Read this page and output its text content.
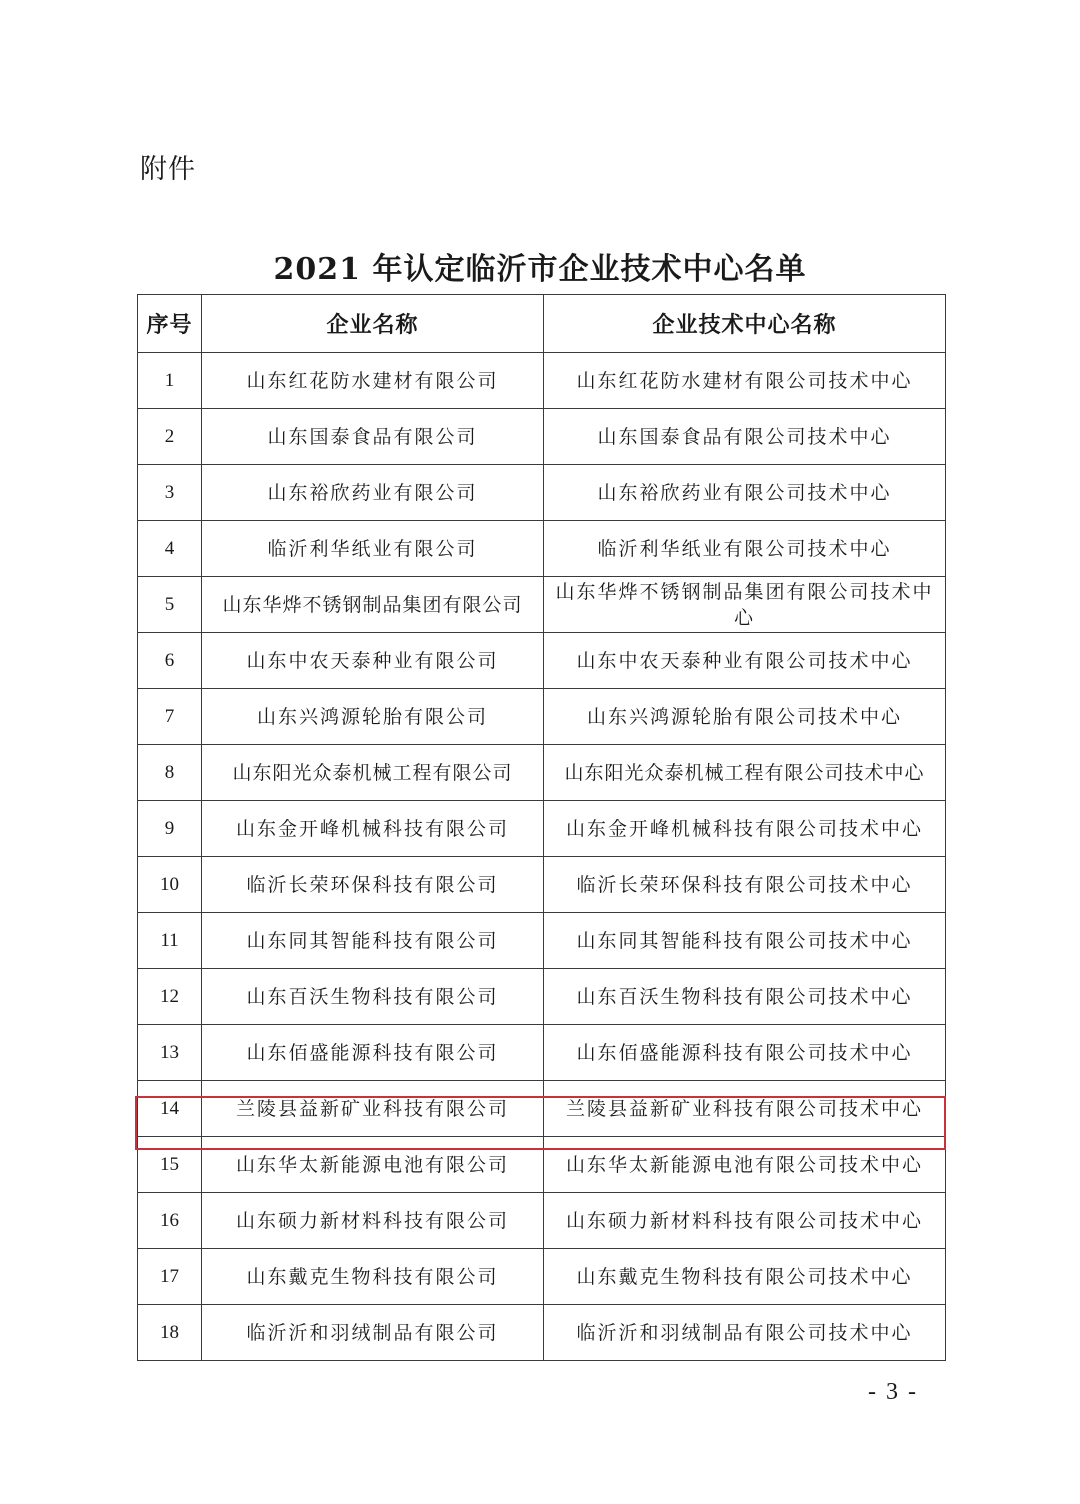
附件
2021 年认定临沂市企业技术中心名单
序号	企业名称	企业技术中心名称
1	山东红花防水建材有限公司	山东红花防水建材有限公司技术中心
2	山东国泰食品有限公司	山东国泰食品有限公司技术中心
3	山东裕欣药业有限公司	山东裕欣药业有限公司技术中心
4	临沂利华纸业有限公司	临沂利华纸业有限公司技术中心
5	山东华烨不锈钢制品集团有限公司	山东华烨不锈钢制品集团有限公司技术中心
6	山东中农天泰种业有限公司	山东中农天泰种业有限公司技术中心
7	山东兴鸿源轮胎有限公司	山东兴鸿源轮胎有限公司技术中心
8	山东阳光众泰机械工程有限公司	山东阳光众泰机械工程有限公司技术中心
9	山东金开峰机械科技有限公司	山东金开峰机械科技有限公司技术中心
10	临沂长荣环保科技有限公司	临沂长荣环保科技有限公司技术中心
11	山东同其智能科技有限公司	山东同其智能科技有限公司技术中心
12	山东百沃生物科技有限公司	山东百沃生物科技有限公司技术中心
13	山东佰盛能源科技有限公司	山东佰盛能源科技有限公司技术中心
14	兰陵县益新矿业科技有限公司	兰陵县益新矿业科技有限公司技术中心
15	山东华太新能源电池有限公司	山东华太新能源电池有限公司技术中心
16	山东硕力新材料科技有限公司	山东硕力新材料科技有限公司技术中心
17	山东戴克生物科技有限公司	山东戴克生物科技有限公司技术中心
18	临沂沂和羽绒制品有限公司	临沂沂和羽绒制品有限公司技术中心
- 3 -
